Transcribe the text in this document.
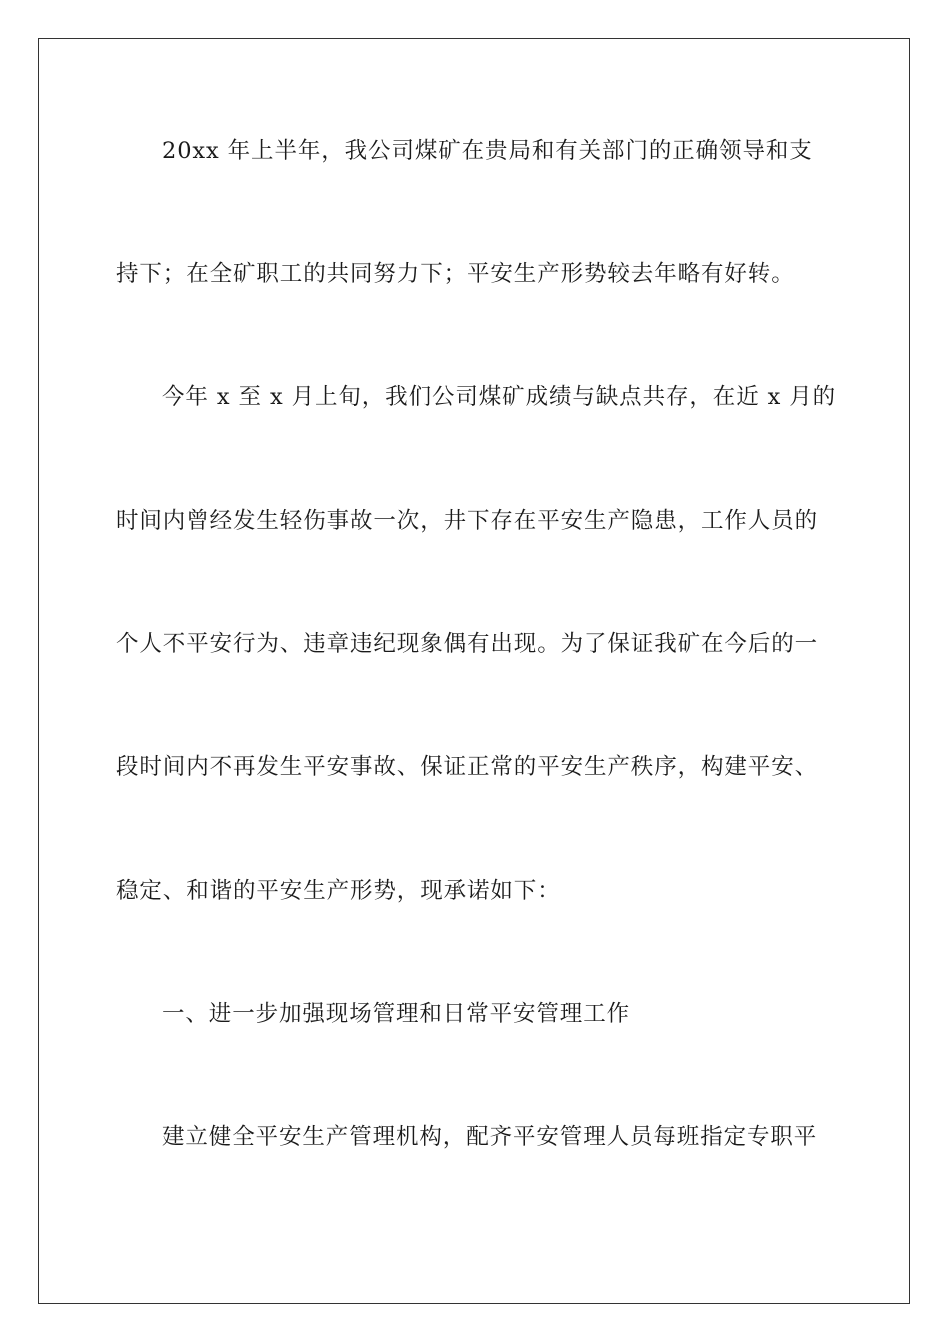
20xx 年上半年，我公司煤矿在贵局和有关部门的正确领导和支
持下；在全矿职工的共同努力下；平安生产形势较去年略有好转。
今年 x 至 x 月上旬，我们公司煤矿成绩与缺点共存，在近 x 月的
时间内曾经发生轻伤事故一次，井下存在平安生产隐患，工作人员的
个人不平安行为、违章违纪现象偶有出现。为了保证我矿在今后的一
段时间内不再发生平安事故、保证正常的平安生产秩序，构建平安、
稳定、和谐的平安生产形势，现承诺如下：
一、进一步加强现场管理和日常平安管理工作
建立健全平安生产管理机构，配齐平安管理人员每班指定专职平
